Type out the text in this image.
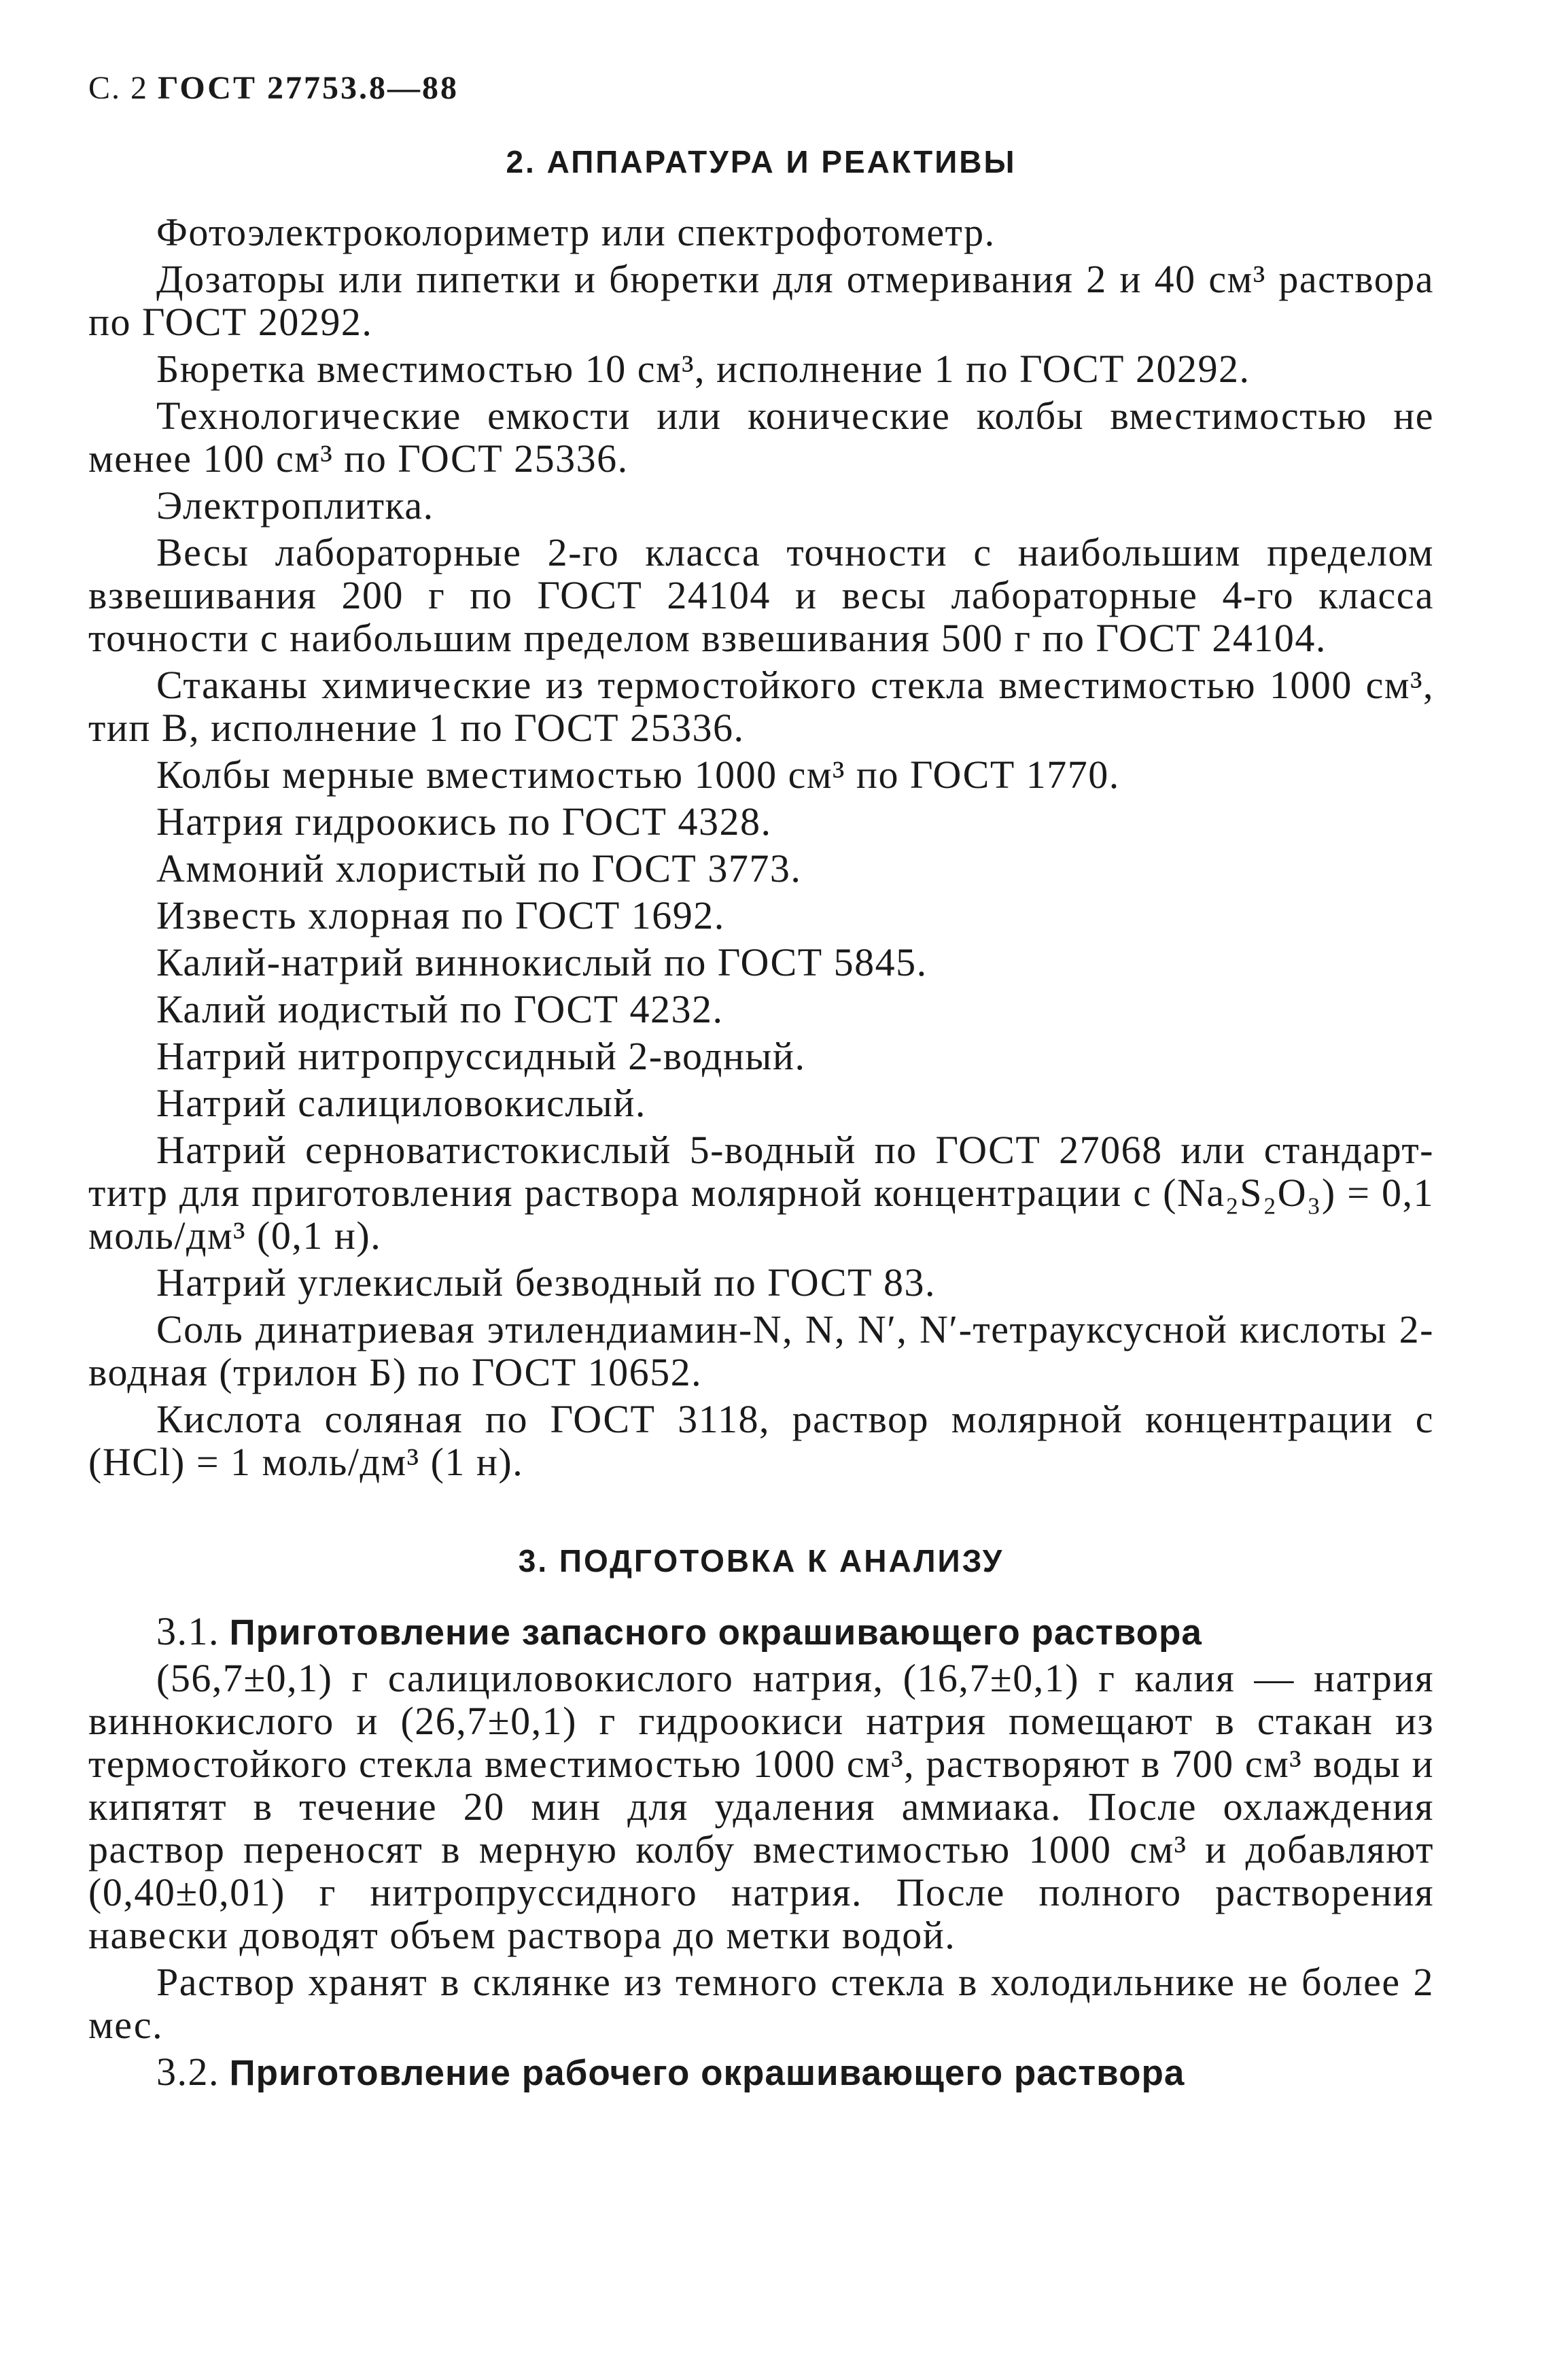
С. 2 ГОСТ 27753.8—88
2. АППАРАТУРА И РЕАКТИВЫ

Фотоэлектроколориметр или спектрофотометр.

Дозаторы или пипетки и бюретки для отмеривания 2 и 40 см³ раствора по ГОСТ 20292.

Бюретка вместимостью 10 см³, исполнение 1 по ГОСТ 20292.

Технологические емкости или конические колбы вместимостью не менее 100 см³ по ГОСТ 25336.

Электроплитка.

Весы лабораторные 2-го класса точности с наибольшим пределом взвешивания 200 г по ГОСТ 24104 и весы лабораторные 4-го класса точности с наибольшим пределом взвешивания 500 г по ГОСТ 24104.

Стаканы химические из термостойкого стекла вместимостью 1000 см³, тип В, исполнение 1 по ГОСТ 25336.

Колбы мерные вместимостью 1000 см³ по ГОСТ 1770.

Натрия гидроокись по ГОСТ 4328.

Аммоний хлористый по ГОСТ 3773.

Известь хлорная по ГОСТ 1692.

Калий-натрий виннокислый по ГОСТ 5845.

Калий иодистый по ГОСТ 4232.

Натрий нитропруссидный 2-водный.

Натрий салициловокислый.

Натрий серноватистокислый 5-водный по ГОСТ 27068 или стандарт-титр для приготовления раствора молярной концентрации с (Na₂S₂O₃) = 0,1 моль/дм³ (0,1 н).

Натрий углекислый безводный по ГОСТ 83.

Соль динатриевая этилендиамин-N, N, N′, N′-тетрауксусной кислоты 2-водная (трилон Б) по ГОСТ 10652.

Кислота соляная по ГОСТ 3118, раствор молярной концентрации с (HCl) = 1 моль/дм³ (1 н).

3. ПОДГОТОВКА К АНАЛИЗУ
3.1. Приготовление запасного окрашивающего раствора

(56,7±0,1) г салициловокислого натрия, (16,7±0,1) г калия — натрия виннокислого и (26,7±0,1) г гидроокиси натрия помещают в стакан из термостойкого стекла вместимостью 1000 см³, растворяют в 700 см³ воды и кипятят в течение 20 мин для удаления аммиака. После охлаждения раствор переносят в мерную колбу вместимостью 1000 см³ и добавляют (0,40±0,01) г нитропруссидного натрия. После полного растворения навески доводят объем раствора до метки водой.

Раствор хранят в склянке из темного стекла в холодильнике не более 2 мес.

3.2. Приготовление рабочего окрашивающего раствора
